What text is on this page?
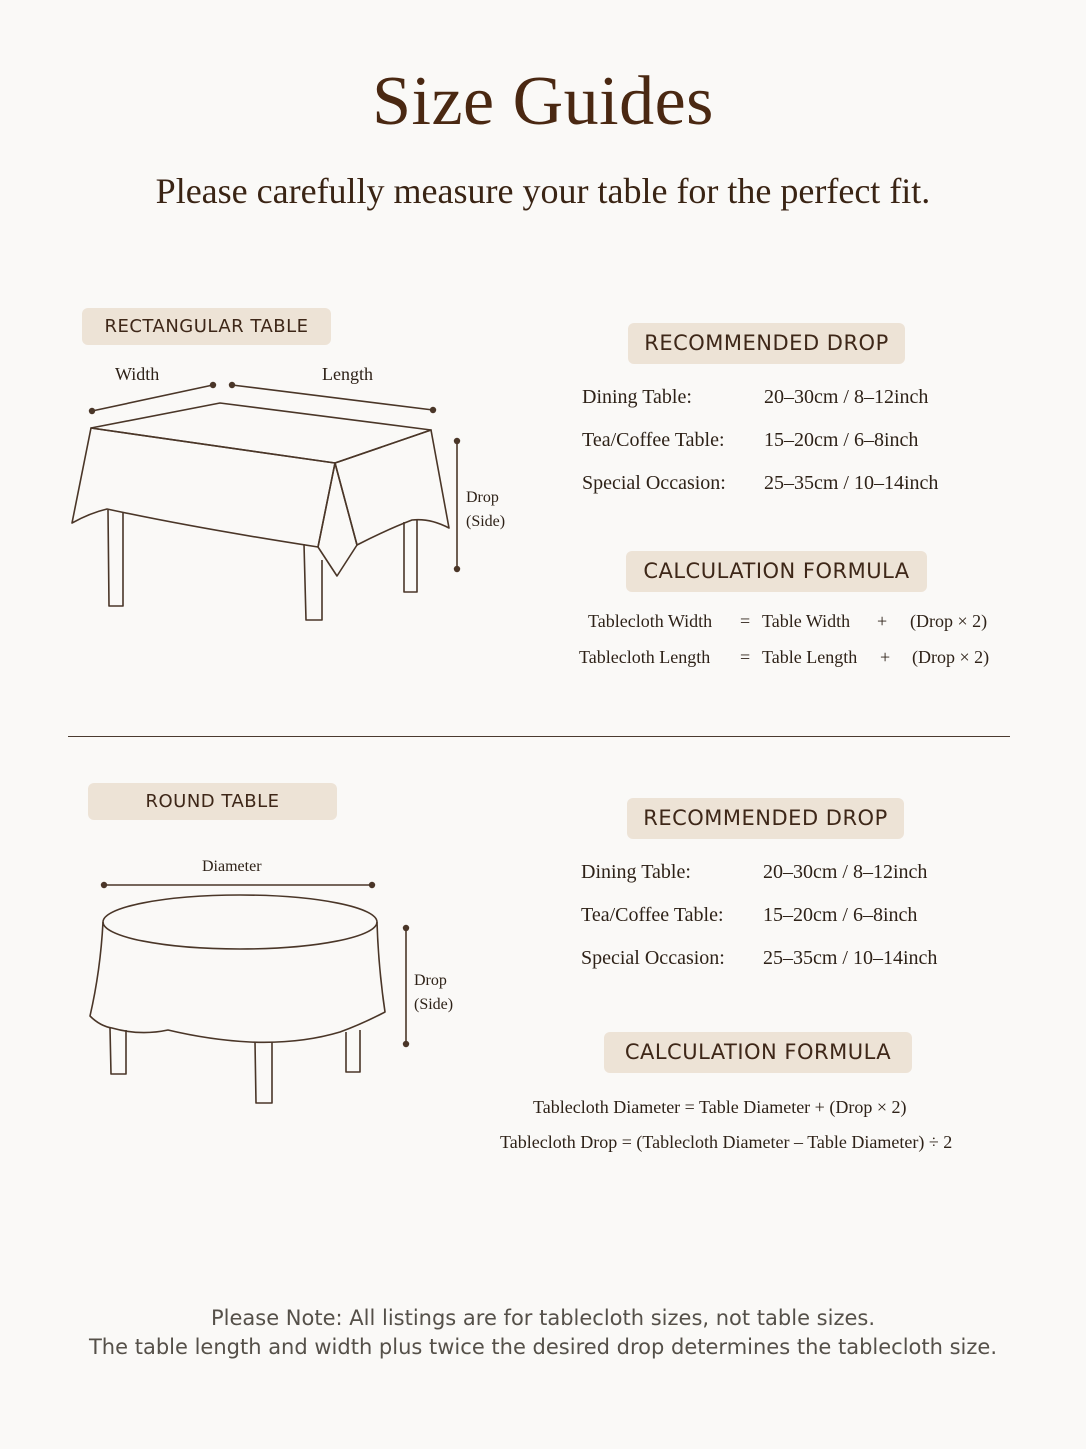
Size Guides
Please carefully measure your table for the perfect fit.
RECTANGULAR TABLE
Width	Length
Drop
(Side)
RECOMMENDED DROP
Dining Table:	20–30cm / 8–12inch
Tea/Coffee Table: 15–20cm / 6–8inch
Special Occasion: 25–35cm / 10–14inch
CALCULATION FORMULA
Tablecloth Width = Table Width + (Drop × 2)
Tablecloth Length = Table Length + (Drop × 2)
ROUND TABLE
Diameter
Drop
(Side)
RECOMMENDED DROP
Dining Table:	20–30cm / 8–12inch
Tea/Coffee Table: 15–20cm / 6–8inch
Special Occasion: 25–35cm / 10–14inch
CALCULATION FORMULA
Tablecloth Diameter = Table Diameter + (Drop × 2)
Tablecloth Drop = (Tablecloth Diameter – Table Diameter) ÷ 2
Please Note: All listings are for tablecloth sizes, not table sizes.
The table length and width plus twice the desired drop determines the tablecloth size.
